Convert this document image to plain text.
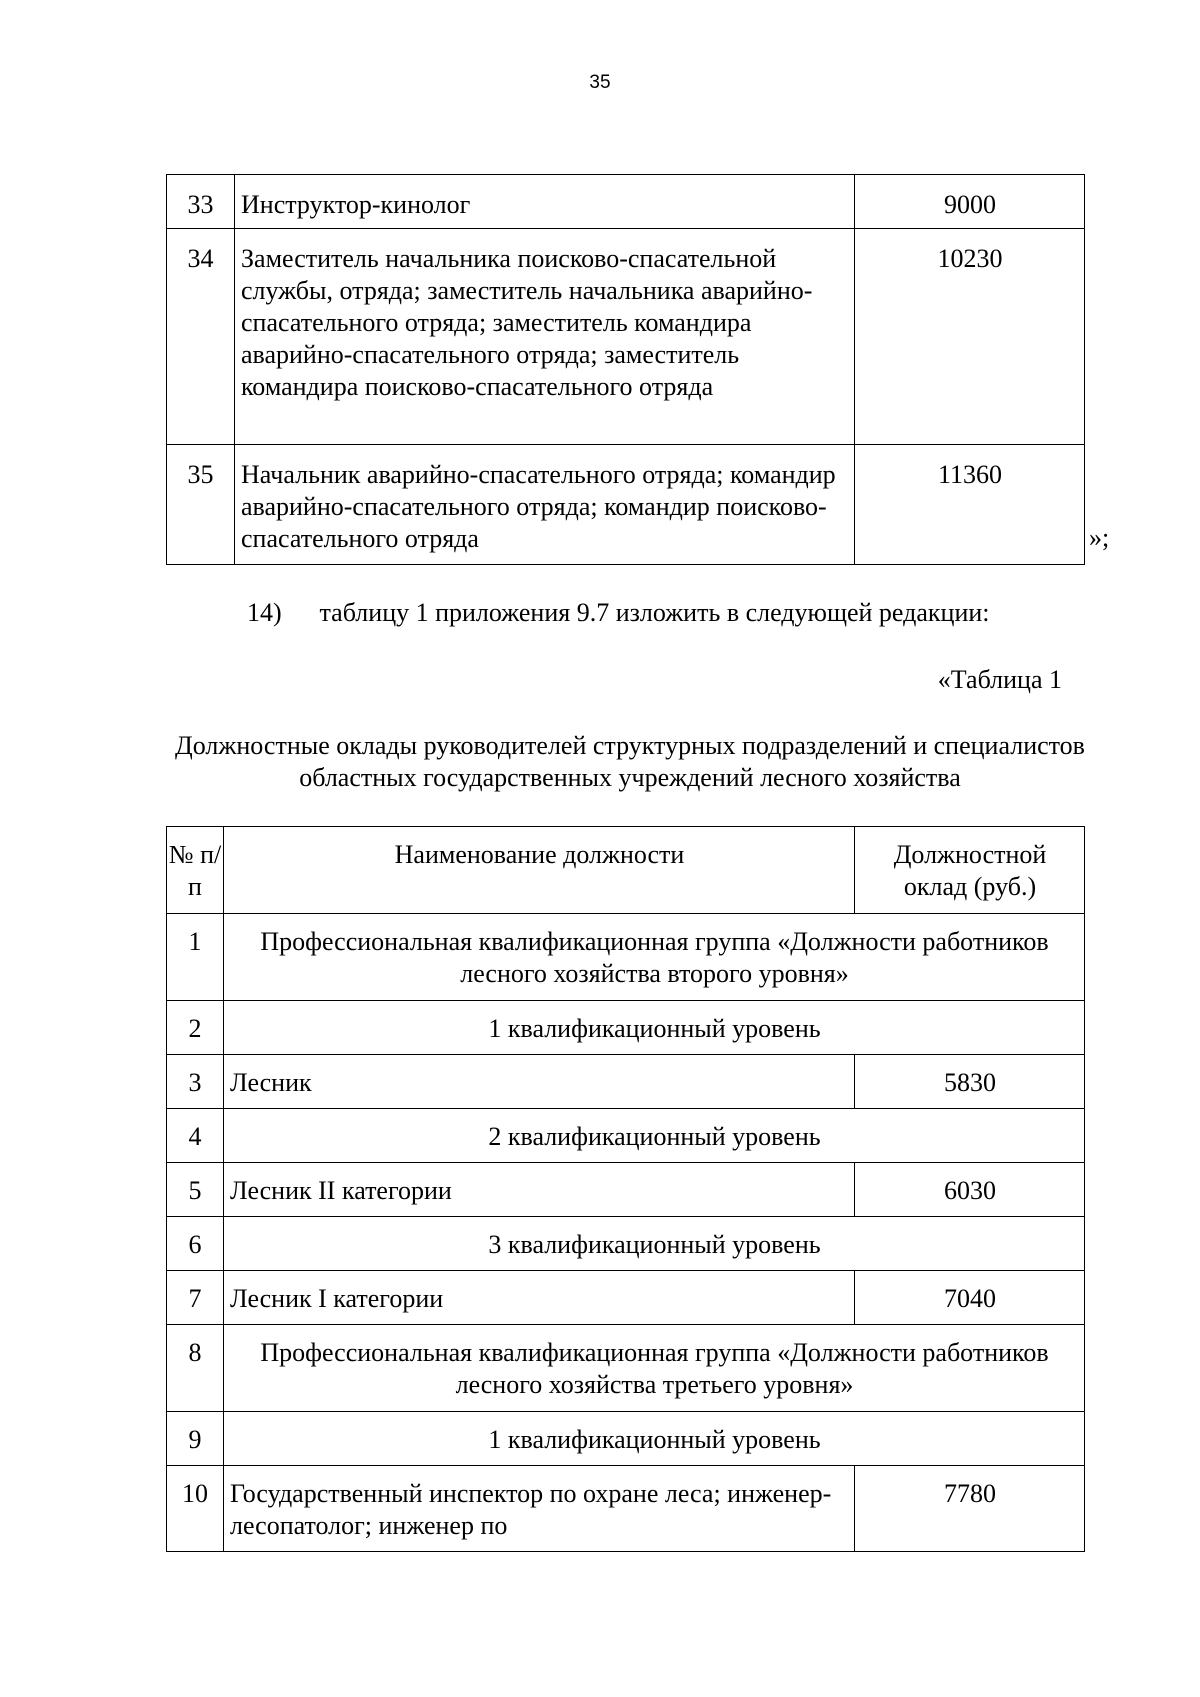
35
33	Инструктор-кинолог	9000
34	Заместитель начальника поисково-спасательной службы, отряда; заместитель начальника аварийно-спасательного отряда; заместитель командира аварийно-спасательного отряда; заместитель командира поисково-спасательного отряда	10230
35	Начальник аварийно-спасательного отряда; командир аварийно-спасательного отряда; командир поисково-спасательного отряда	11360
»;
14) таблицу 1 приложения 9.7 изложить в следующей редакции:
«Таблица 1
Должностные оклады руководителей структурных подразделений и специалистов областных государственных учреждений лесного хозяйства
№ п/п	Наименование должности	Должностной оклад (руб.)
1	Профессиональная квалификационная группа «Должности работников лесного хозяйства второго уровня»	
2	1 квалификационный уровень	
3	Лесник	5830
4	2 квалификационный уровень	
5	Лесник II категории	6030
6	3 квалификационный уровень	
7	Лесник I категории	7040
8	Профессиональная квалификационная группа «Должности работников лесного хозяйства третьего уровня»	
9	1 квалификационный уровень	
10	Государственный инспектор по охране леса; инженер-лесопатолог; инженер по	7780
